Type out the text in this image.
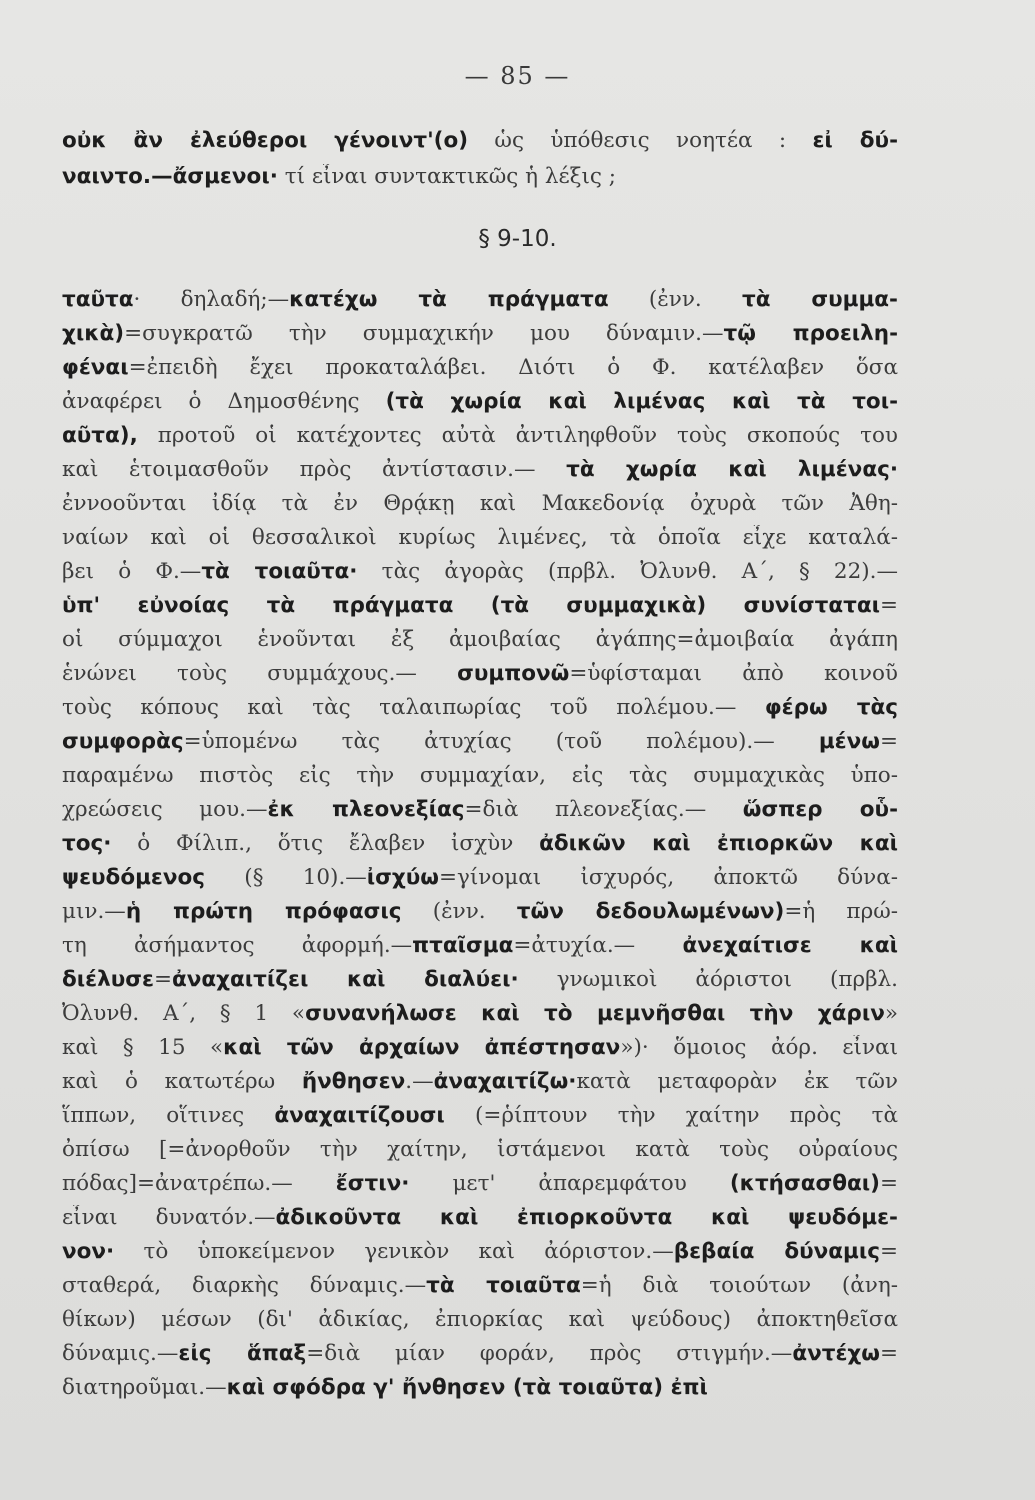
— 85 —
§ 9-10.
οὐκ ἂν ἐλεύθεροι γένοιντ'(ο) ὡς ὑπόθεσις νοητέα : εἰ δύ-
ναιντο.—ἄσμενοι· τί εἶναι συντακτικῶς ἡ λέξις ;
ταῦτα· δηλαδή;—κατέχω τὰ πράγματα (ἐνν. τὰ συμμα-
χικὰ)=συγκρατῶ τὴν συμμαχικήν μου δύναμιν.—τῷ προειλη-
φέναι=ἐπειδὴ ἔχει προκαταλάβει. Διότι ὁ Φ. κατέλαβεν ὅσα
ἀναφέρει ὁ Δημοσθένης (τὰ χωρία καὶ λιμένας καὶ τὰ τοι-
αῦτα), προτοῦ οἱ κατέχοντες αὐτὰ ἀντιληφθοῦν τοὺς σκοπούς του
καὶ ἑτοιμασθοῦν πρὸς ἀντίστασιν.— τὰ χωρία καὶ λιμένας·
ἐννοοῦνται ἰδίᾳ τὰ ἐν Θρᾴκῃ καὶ Μακεδονίᾳ ὀχυρὰ τῶν Ἀθη-
ναίων καὶ οἱ θεσσαλικοὶ κυρίως λιμένες, τὰ ὁποῖα εἶχε καταλά-
βει ὁ Φ.—τὰ τοιαῦτα· τὰς ἀγορὰς (πρβλ. Ὀλυνθ. Α΄, § 22).—
ὑπ' εὐνοίας τὰ πράγματα (τὰ συμμαχικὰ) συνίσταται=
οἱ σύμμαχοι ἑνοῦνται ἐξ ἀμοιβαίας ἀγάπης=ἀμοιβαία ἀγάπη
ἑνώνει τοὺς συμμάχους.— συμπονῶ=ὑφίσταμαι ἀπὸ κοινοῦ
τοὺς κόπους καὶ τὰς ταλαιπωρίας τοῦ πολέμου.— φέρω τὰς
συμφορὰς=ὑπομένω τὰς ἀτυχίας (τοῦ πολέμου).— μένω=
παραμένω πιστὸς εἰς τὴν συμμαχίαν, εἰς τὰς συμμαχικὰς ὑπο-
χρεώσεις μου.—ἐκ πλεονεξίας=διὰ πλεονεξίας.— ὥσπερ οὗ-
τος· ὁ Φίλιπ., ὅτις ἔλαβεν ἰσχὺν ἀδικῶν καὶ ἐπιορκῶν καὶ
ψευδόμενος (§ 10).—ἰσχύω=γίνομαι ἰσχυρός, ἀποκτῶ δύνα-
μιν.—ἡ πρώτη πρόφασις (ἐνν. τῶν δεδουλωμένων)=ἡ πρώ-
τη ἀσήμαντος ἀφορμή.—πταῖσμα=ἀτυχία.— ἀνεχαίτισε καὶ
διέλυσε=ἀναχαιτίζει καὶ διαλύει· γνωμικοὶ ἀόριστοι (πρβλ.
Ὀλυνθ. Α΄, § 1 «συνανήλωσε καὶ τὸ μεμνῆσθαι τὴν χάριν»
καὶ § 15 «καὶ τῶν ἀρχαίων ἀπέστησαν»)· ὅμοιος ἀόρ. εἶναι
καὶ ὁ κατωτέρω ἤνθησεν.—ἀναχαιτίζω·κατὰ μεταφορὰν ἐκ τῶν
ἵππων, οἵτινες ἀναχαιτίζουσι (=ῥίπτουν τὴν χαίτην πρὸς τὰ
ὀπίσω [=ἀνορθοῦν τὴν χαίτην, ἱστάμενοι κατὰ τοὺς οὐραίους
πόδας]=ἀνατρέπω.— ἔστιν· μετ' ἀπαρεμφάτου (κτήσασθαι)=
εἶναι δυνατόν.—ἀδικοῦντα καὶ ἐπιορκοῦντα καὶ ψευδόμε-
νον· τὸ ὑποκείμενον γενικὸν καὶ ἀόριστον.—βεβαία δύναμις=
σταθερά, διαρκὴς δύναμις.—τὰ τοιαῦτα=ἡ διὰ τοιούτων (ἀνη-
θίκων) μέσων (δι' ἀδικίας, ἐπιορκίας καὶ ψεύδους) ἀποκτηθεῖσα
δύναμις.—εἰς ἅπαξ=διὰ μίαν φοράν, πρὸς στιγμήν.—ἀντέχω=
διατηροῦμαι.—καὶ σφόδρα γ' ἤνθησεν (τὰ τοιαῦτα) ἐπὶ
